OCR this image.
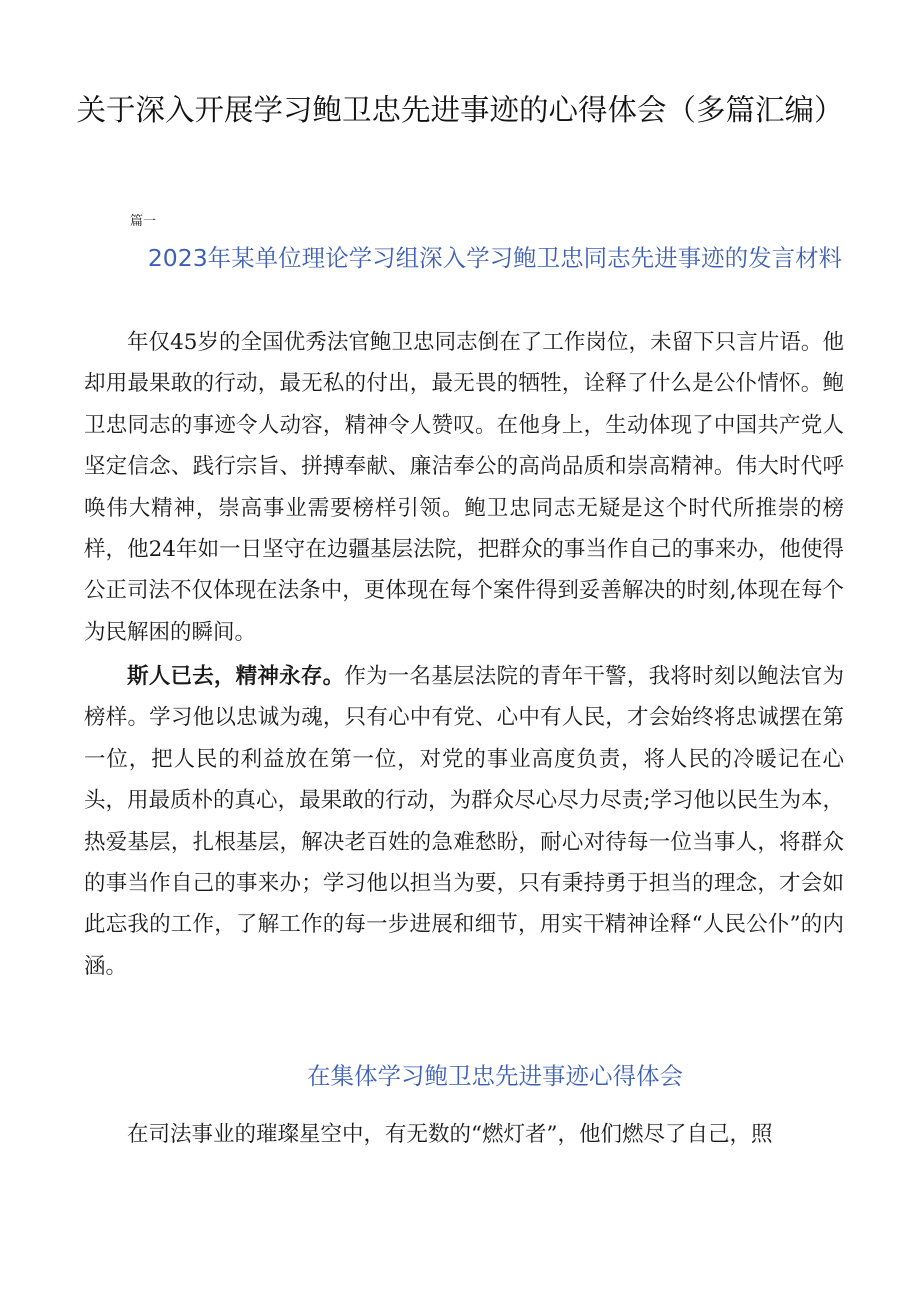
关于深入开展学习鲍卫忠先进事迹的心得体会（多篇汇编）
篇一
2023年某单位理论学习组深入学习鲍卫忠同志先进事迹的发言材料

年仅45岁的全国优秀法官鲍卫忠同志倒在了工作岗位，未留下只言片语。他却用最果敢的行动，最无私的付出，最无畏的牺牲，诠释了什么是公仆情怀。鲍卫忠同志的事迹令人动容，精神令人赞叹。在他身上，生动体现了中国共产党人坚定信念、践行宗旨、拼搏奉献、廉洁奉公的高尚品质和崇高精神。伟大时代呼唤伟大精神，崇高事业需要榜样引领。鲍卫忠同志无疑是这个时代所推崇的榜样，他24年如一日坚守在边疆基层法院，把群众的事当作自己的事来办，他使得公正司法不仅体现在法条中，更体现在每个案件得到妥善解决的时刻,体现在每个为民解困的瞬间。

斯人已去，精神永存。作为一名基层法院的青年干警，我将时刻以鲍法官为榜样。学习他以忠诚为魂，只有心中有党、心中有人民，才会始终将忠诚摆在第一位，把人民的利益放在第一位，对党的事业高度负责，将人民的冷暖记在心头，用最质朴的真心，最果敢的行动，为群众尽心尽力尽责;学习他以民生为本，热爱基层，扎根基层，解决老百姓的急难愁盼，耐心对待每一位当事人，将群众的事当作自己的事来办；学习他以担当为要，只有秉持勇于担当的理念，才会如此忘我的工作，了解工作的每一步进展和细节，用实干精神诠释“人民公仆”的内涵。

在集体学习鲍卫忠先进事迹心得体会

在司法事业的璀璨星空中，有无数的“燃灯者”，他们燃尽了自己，照
